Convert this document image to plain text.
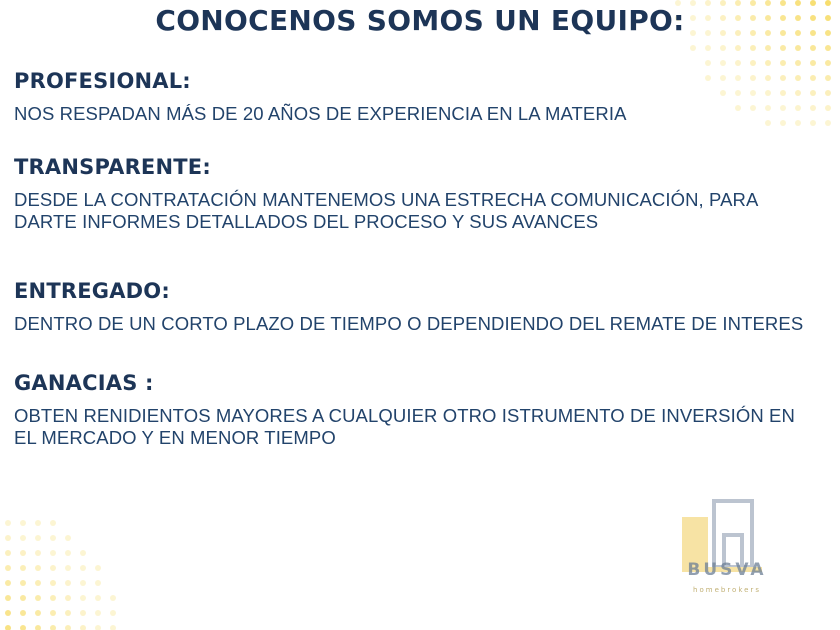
CONOCENOS SOMOS UN EQUIPO:

PROFESIONAL:

NOS RESPADAN MÁS DE 20 AÑOS DE EXPERIENCIA EN LA MATERIA

TRANSPARENTE:

DESDE LA CONTRATACIÓN MANTENEMOS UNA ESTRECHA COMUNICACIÓN, PARA DARTE INFORMES DETALLADOS DEL PROCESO Y SUS AVANCES

ENTREGADO:

DENTRO DE UN CORTO PLAZO DE TIEMPO O DEPENDIENDO DEL REMATE DE INTERES

GANACIAS :

OBTEN RENIDIENTOS MAYORES A CUALQUIER OTRO ISTRUMENTO DE INVERSIÓN EN EL MERCADO Y EN MENOR TIEMPO

BUSVA
homebrokers
